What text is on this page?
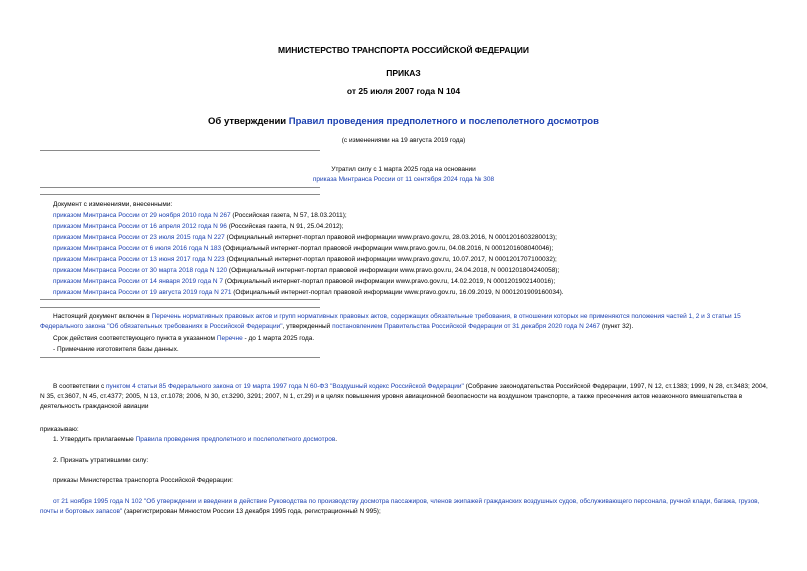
МИНИСТЕРСТВО ТРАНСПОРТА РОССИЙСКОЙ ФЕДЕРАЦИИ
ПРИКАЗ
от 25 июля 2007 года N 104
Об утверждении Правил проведения предполетного и послеполетного досмотров
(с изменениями на 19 августа 2019 года)
Утратил силу с 1 марта 2025 года на основании
приказа Минтранса России от 11 сентября 2024 года № 308
Документ с изменениями, внесенными:
приказом Минтранса России от 29 ноября 2010 года N 267 (Российская газета, N 57, 18.03.2011);
приказом Минтранса России от 16 апреля 2012 года N 96 (Российская газета, N 91, 25.04.2012);
приказом Минтранса России от 23 июля 2015 года N 227 (Официальный интернет-портал правовой информации www.pravo.gov.ru, 28.03.2016, N 0001201603280013);
приказом Минтранса России от 6 июля 2016 года N 183 (Официальный интернет-портал правовой информации www.pravo.gov.ru, 04.08.2016, N 0001201608040046);
приказом Минтранса России от 13 июня 2017 года N 223 (Официальный интернет-портал правовой информации www.pravo.gov.ru, 10.07.2017, N 0001201707100032);
приказом Минтранса России от 30 марта 2018 года N 120 (Официальный интернет-портал правовой информации www.pravo.gov.ru, 24.04.2018, N 0001201804240058);
приказом Минтранса России от 14 января 2019 года N 7 (Официальный интернет-портал правовой информации www.pravo.gov.ru, 14.02.2019, N 0001201902140016);
приказом Минтранса России от 19 августа 2019 года N 271 (Официальный интернет-портал правовой информации www.pravo.gov.ru, 16.09.2019, N 0001201909160034).
Настоящий документ включен в Перечень нормативных правовых актов и групп нормативных правовых актов, содержащих обязательные требования, в отношении которых не применяются положения частей 1, 2 и 3 статьи 15 Федерального закона "Об обязательных требованиях в Российской Федерации", утвержденный постановлением Правительства Российской Федерации от 31 декабря 2020 года N 2467 (пункт 32).
Срок действия соответствующего пункта в указанном Перечне - до 1 марта 2025 года.
- Примечание изготовителя базы данных.
В соответствии с пунктом 4 статьи 85 Федерального закона от 19 марта 1997 года N 60-ФЗ "Воздушный кодекс Российской Федерации" (Собрание законодательства Российской Федерации, 1997, N 12, ст.1383; 1999, N 28, ст.3483; 2004, N 35, ст.3607, N 45, ст.4377; 2005, N 13, ст.1078; 2006, N 30, ст.3290, 3291; 2007, N 1, ст.29) и в целях повышения уровня авиационной безопасности на воздушном транспорте, а также пресечения актов незаконного вмешательства в деятельность гражданской авиации
приказываю:
1. Утвердить прилагаемые Правила проведения предполетного и послеполетного досмотров.
2. Признать утратившими силу:
приказы Министерства транспорта Российской Федерации:
от 21 ноября 1995 года N 102 "Об утверждении и введении в действие Руководства по производству досмотра пассажиров, членов экипажей гражданских воздушных судов, обслуживающего персонала, ручной клади, багажа, грузов, почты и бортовых запасов" (зарегистрирован Минюстом России 13 декабря 1995 года, регистрационный N 995);
